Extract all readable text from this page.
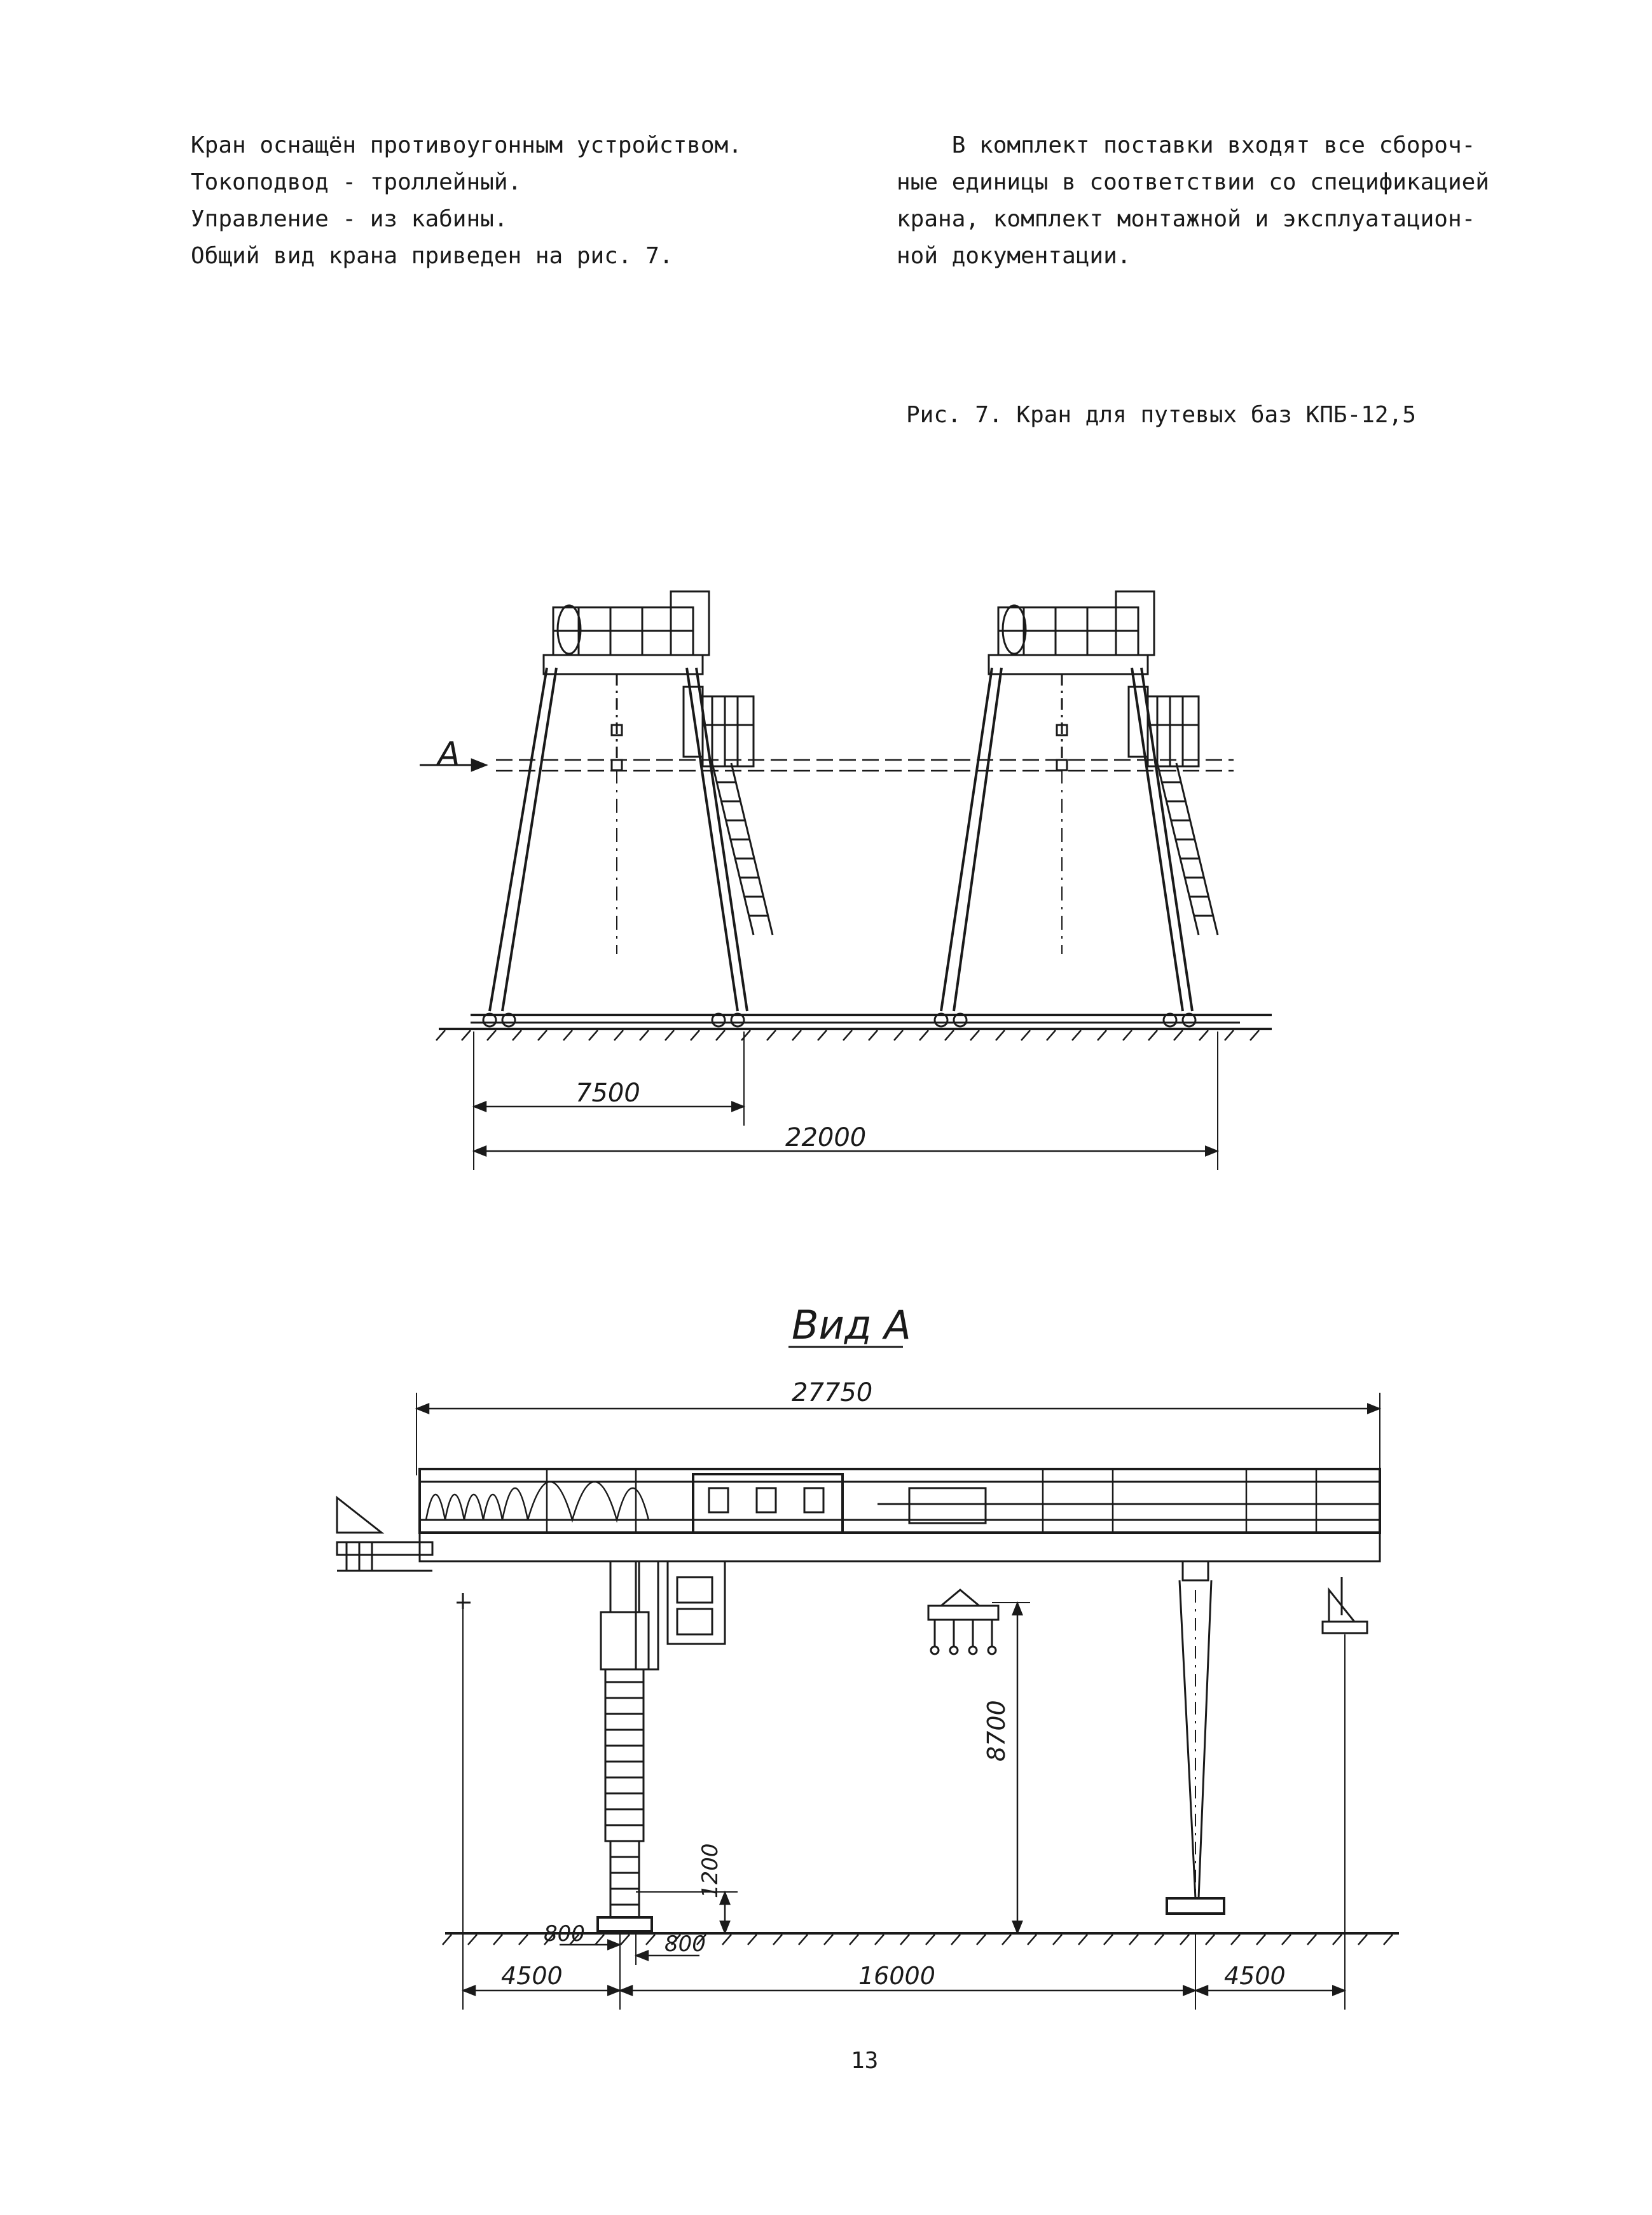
Кран оснащён противоугонным устройством.

Токоподвод - троллейный.

Управление - из кабины.

Общий вид крана приведен на рис. 7.

В комплект поставки входят все сбороч-

ные единицы в соответствии со спецификацией

крана, комплект монтажной и эксплуатацион-

ной документации.

Рис. 7. Кран для путевых баз КПБ-12,5
А
7500
22000
Вид А
27750
8700
1200
800	800
4500	16000	4500
13
